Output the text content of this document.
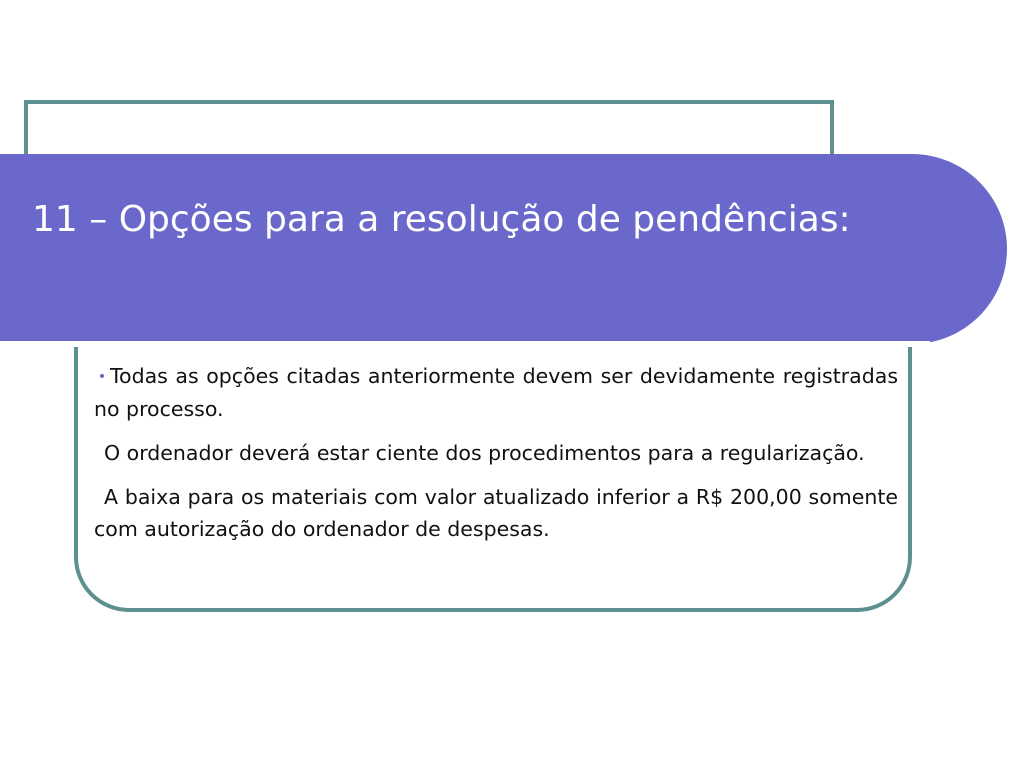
11 – Opções para a resolução de pendências:

• Todas as opções citadas anteriormente devem ser devidamente registradas no processo.

O ordenador deverá estar ciente dos procedimentos para a regularização.

A baixa para os materiais com valor atualizado inferior a R$ 200,00 somente com autorização do ordenador de despesas.
